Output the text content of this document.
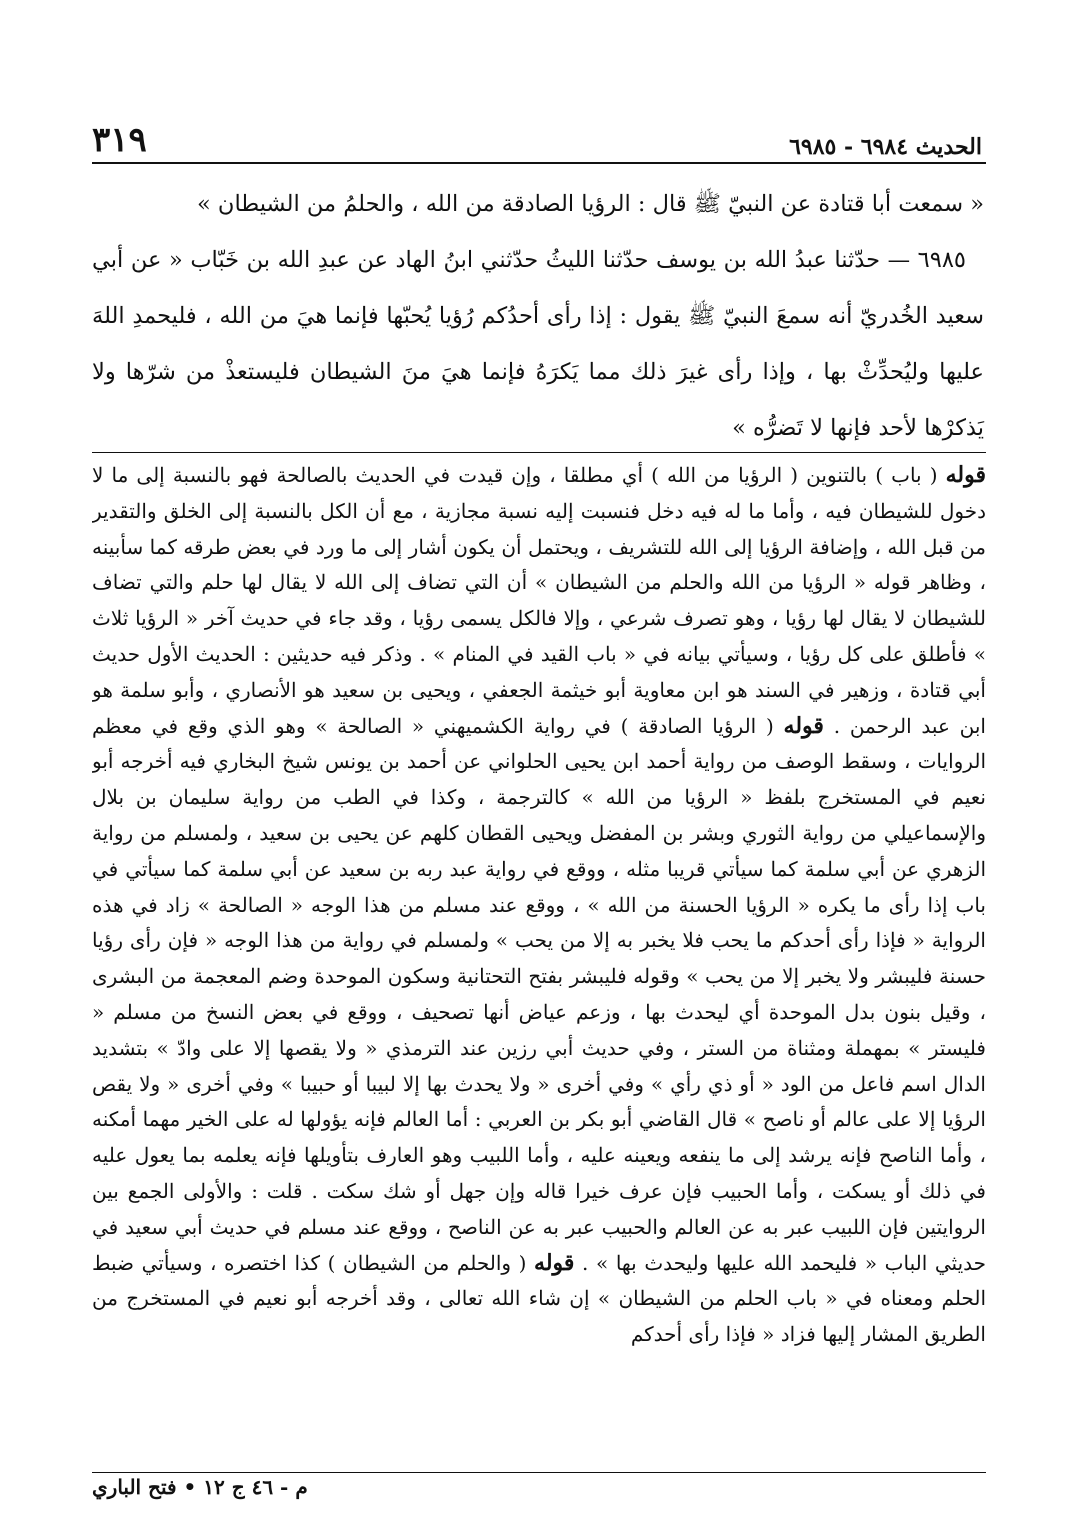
الحديث ٦٩٨٤ - ٦٩٨٥
٣١٩

« سمعت أبا قتادة عن النبيّ ﷺ قال : الرؤيا الصادقة من الله ، والحلمُ من الشيطان »

٦٩٨٥ — حدّثنا عبدُ الله بن يوسف حدّثنا الليثُ حدّثني ابنُ الهاد عن عبدِ الله بن خَبّاب « عن أبي سعيد الخُدريّ أنه سمعَ النبيّ ﷺ يقول : إذا رأى أحدُكم رُؤيا يُحبّها فإنما هيَ من الله ، فليحمدِ اللهَ عليها وليُحدِّثْ بها ، وإذا رأى غيرَ ذلك مما يَكرَهُ فإنما هيَ منَ الشيطان فليستعذْ من شرّها ولا يَذكرْها لأحد فإنها لا تَضرُّه »

قوله ( باب ) بالتنوين ( الرؤيا من الله ) أي مطلقا ، وإن قيدت في الحديث بالصالحة فهو بالنسبة إلى ما لا دخول للشيطان فيه ، وأما ما له فيه دخل فنسبت إليه نسبة مجازية ، مع أن الكل بالنسبة إلى الخلق والتقدير من قبل الله ، وإضافة الرؤيا إلى الله للتشريف ، ويحتمل أن يكون أشار إلى ما ورد في بعض طرقه كما سأبينه ، وظاهر قوله « الرؤيا من الله والحلم من الشيطان » أن التي تضاف إلى الله لا يقال لها حلم والتي تضاف للشيطان لا يقال لها رؤيا ، وهو تصرف شرعي ، وإلا فالكل يسمى رؤيا ، وقد جاء في حديث آخر « الرؤيا ثلاث » فأطلق على كل رؤيا ، وسيأتي بيانه في « باب القيد في المنام » . وذكر فيه حديثين : الحديث الأول حديث أبي قتادة ، وزهير في السند هو ابن معاوية أبو خيثمة الجعفي ، ويحيى بن سعيد هو الأنصاري ، وأبو سلمة هو ابن عبد الرحمن . قوله ( الرؤيا الصادقة ) في رواية الكشميهني « الصالحة » وهو الذي وقع في معظم الروايات ، وسقط الوصف من رواية أحمد ابن يحيى الحلواني عن أحمد بن يونس شيخ البخاري فيه أخرجه أبو نعيم في المستخرج بلفظ « الرؤيا من الله » كالترجمة ، وكذا في الطب من رواية سليمان بن بلال والإسماعيلي من رواية الثوري وبشر بن المفضل ويحيى القطان كلهم عن يحيى بن سعيد ، ولمسلم من رواية الزهري عن أبي سلمة كما سيأتي قريبا مثله ، ووقع في رواية عبد ربه بن سعيد عن أبي سلمة كما سيأتي في باب إذا رأى ما يكره « الرؤيا الحسنة من الله » ، ووقع عند مسلم من هذا الوجه « الصالحة » زاد في هذه الرواية « فإذا رأى أحدكم ما يحب فلا يخبر به إلا من يحب » ولمسلم في رواية من هذا الوجه « فإن رأى رؤيا حسنة فليبشر ولا يخبر إلا من يحب » وقوله فليبشر بفتح التحتانية وسكون الموحدة وضم المعجمة من البشرى ، وقيل بنون بدل الموحدة أي ليحدث بها ، وزعم عياض أنها تصحيف ، ووقع في بعض النسخ من مسلم « فليستر » بمهملة ومثناة من الستر ، وفي حديث أبي رزين عند الترمذي « ولا يقصها إلا على وادّ » بتشديد الدال اسم فاعل من الود « أو ذي رأي » وفي أخرى « ولا يحدث بها إلا لبيبا أو حبيبا » وفي أخرى « ولا يقص الرؤيا إلا على عالم أو ناصح » قال القاضي أبو بكر بن العربي : أما العالم فإنه يؤولها له على الخير مهما أمكنه ، وأما الناصح فإنه يرشد إلى ما ينفعه ويعينه عليه ، وأما اللبيب وهو العارف بتأويلها فإنه يعلمه بما يعول عليه في ذلك أو يسكت ، وأما الحبيب فإن عرف خيرا قاله وإن جهل أو شك سكت . قلت : والأولى الجمع بين الروايتين فإن اللبيب عبر به عن العالم والحبيب عبر به عن الناصح ، ووقع عند مسلم في حديث أبي سعيد في حديثي الباب « فليحمد الله عليها وليحدث بها » . قوله ( والحلم من الشيطان ) كذا اختصره ، وسيأتي ضبط الحلم ومعناه في « باب الحلم من الشيطان » إن شاء الله تعالى ، وقد أخرجه أبو نعيم في المستخرج من الطريق المشار إليها فزاد « فإذا رأى أحدكم

م - ٤٦ ج ١٢ • فتح الباري
